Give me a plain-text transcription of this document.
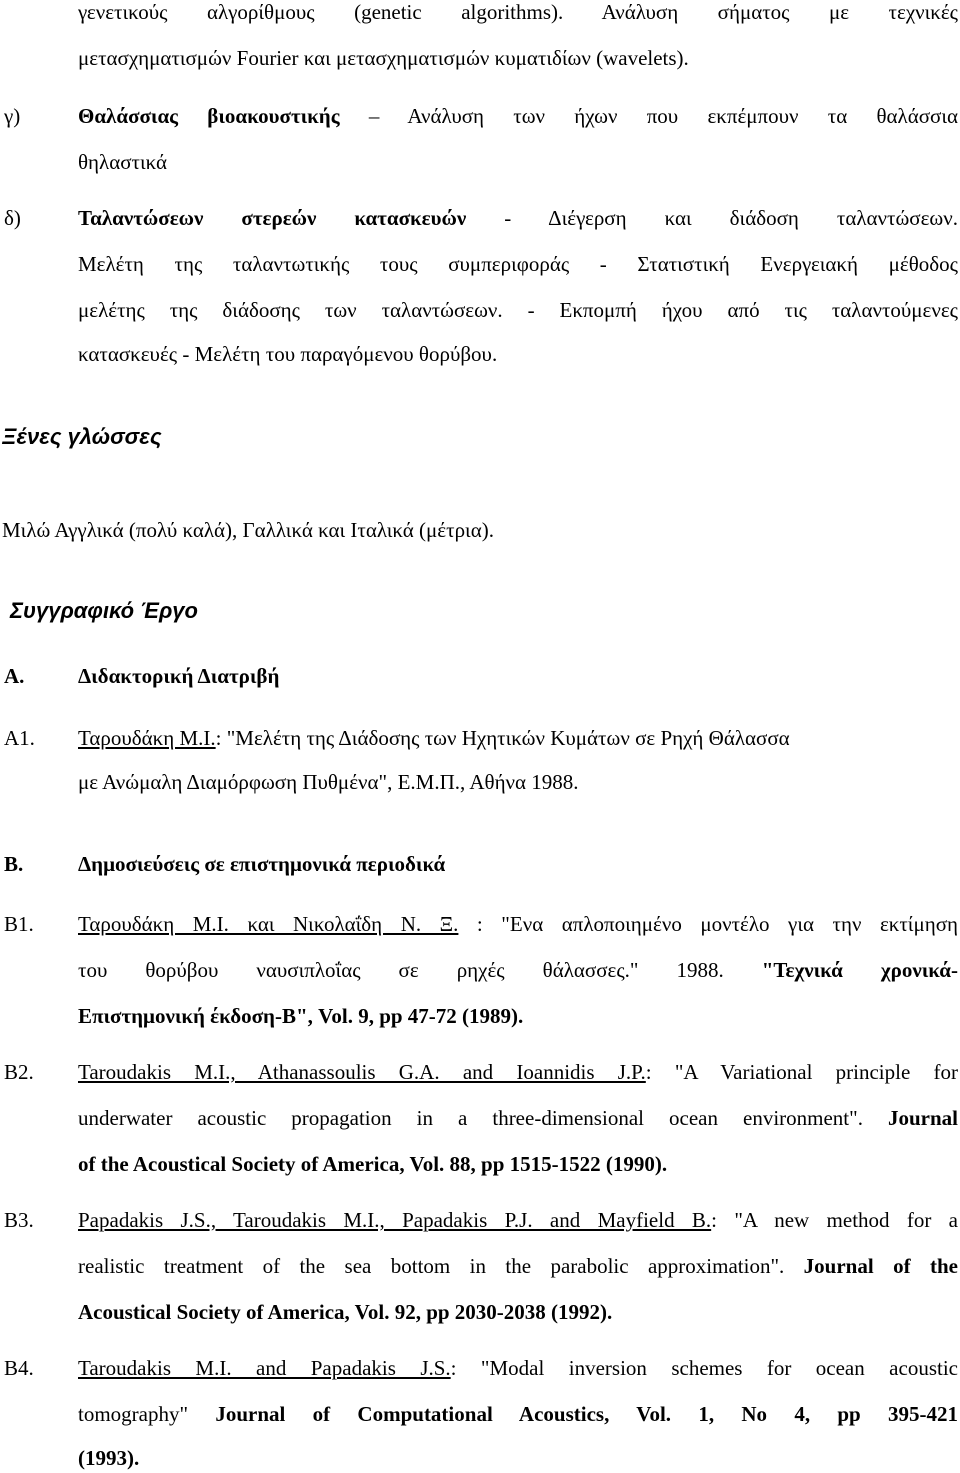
γενετικούς αλγορίθμους (genetic algorithms). Ανάλυση σήματος με τεχνικές
μετασχηματισμών Fourier και μετασχηματισμών κυματιδίων (wavelets).
γ)	Θαλάσσιας βιοακουστικής – Ανάλυση των ήχων που εκπέμπουν τα θαλάσσια
θηλαστικά
δ)	Ταλαντώσεων στερεών κατασκευών - Διέγερση και διάδοση ταλαντώσεων.
Μελέτη της ταλαντωτικής τους συμπεριφοράς - Στατιστική Ενεργειακή μέθοδος
μελέτης της διάδοσης των ταλαντώσεων. - Εκπομπή ήχου από τις ταλαντούμενες
κατασκευές - Μελέτη του παραγόμενου θορύβου.
Ξένες γλώσσες
Μιλώ Αγγλικά (πολύ καλά), Γαλλικά και Ιταλικά (μέτρια).
Συγγραφικό Έργο
Α.	Διδακτορική Διατριβή
Α1. Ταρουδάκη Μ.Ι.: "Μελέτη της Διάδοσης των Ηχητικών Κυμάτων σε Ρηχή Θάλασσα
με Ανώμαλη Διαμόρφωση Πυθμένα", Ε.Μ.Π., Αθήνα 1988.
Β.	Δημοσιεύσεις σε επιστημονικά περιοδικά
Β1. Ταρουδάκη Μ.Ι. και Νικολαΐδη Ν. Ξ. : "Ενα απλοποιημένο μοντέλο για την εκτίμηση
του θορύβου ναυσιπλοΐας σε ρηχές θάλασσες." 1988. "Τεχνικά χρονικά-
Επιστημονική έκδοση-Β", Vol. 9, pp 47-72 (1989).
Β2. Taroudakis M.I., Athanassoulis G.A. and Ioannidis J.P.: "A Variational principle for
underwater acoustic propagation in a three-dimensional ocean environment". Journal
of the Acoustical Society of America, Vol. 88, pp 1515-1522 (1990).
Β3. Papadakis J.S., Taroudakis M.I., Papadakis P.J. and Mayfield B.: "A new method for a
realistic treatment of the sea bottom in the parabolic approximation". Journal of the
Acoustical Society of America, Vol. 92, pp 2030-2038 (1992).
Β4. Taroudakis M.I. and Papadakis J.S.: "Modal inversion schemes for ocean acoustic
tomography" Journal of Computational Acoustics, Vol. 1, No 4, pp 395-421
(1993).
